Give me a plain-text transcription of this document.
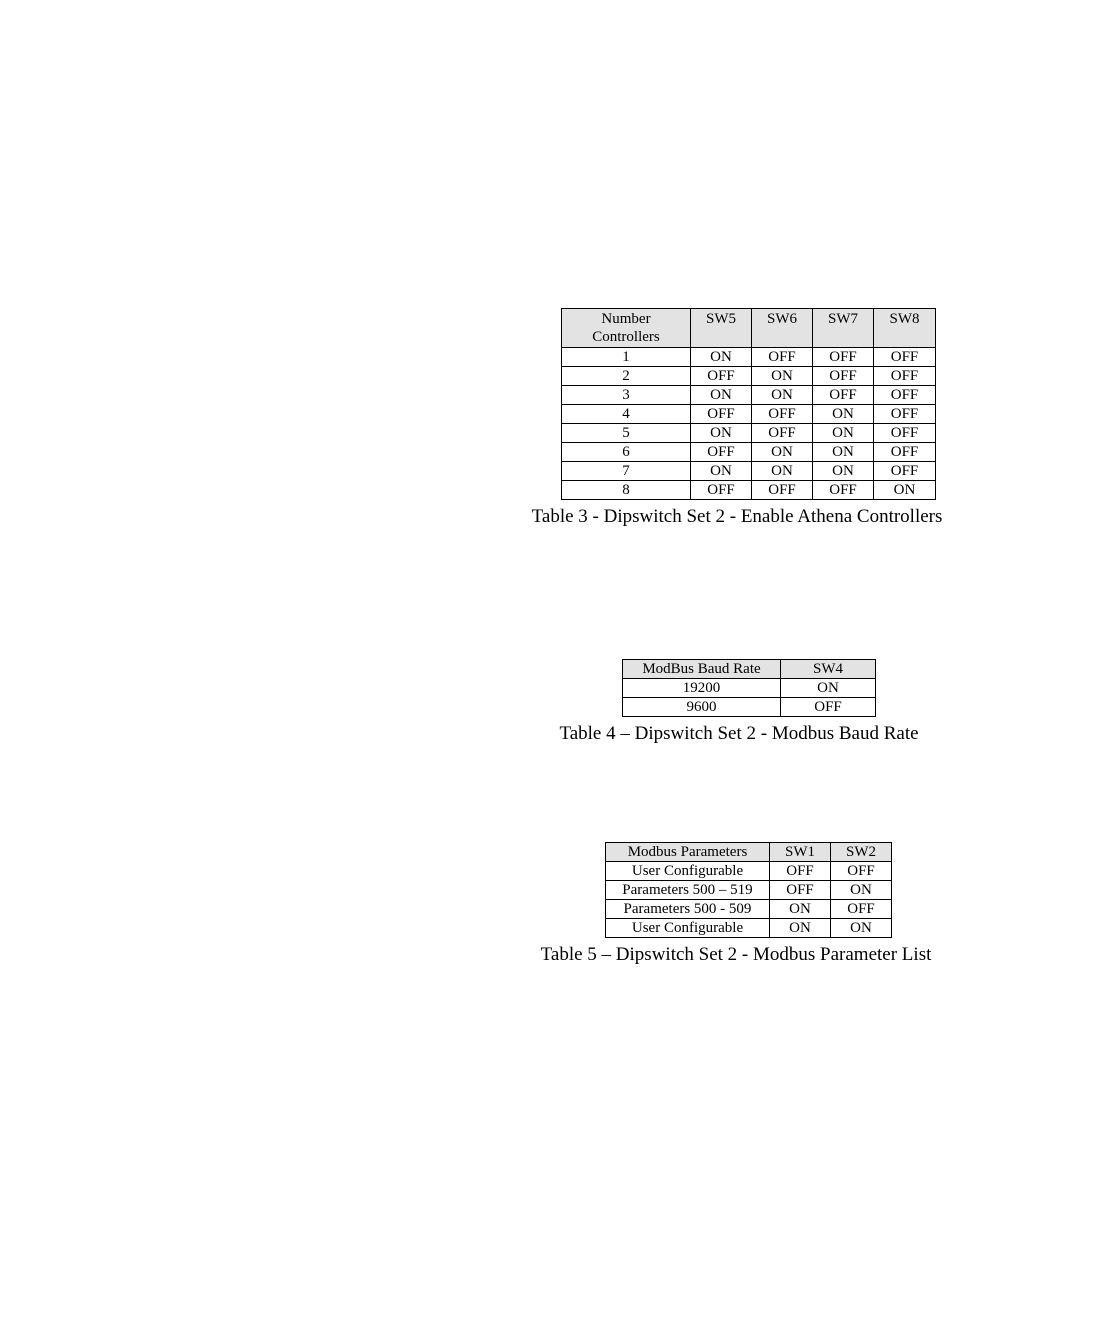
Number
Controllers	SW5	SW6	SW7	SW8
1	ON	OFF	OFF	OFF
2	OFF	ON	OFF	OFF
3	ON	ON	OFF	OFF
4	OFF	OFF	ON	OFF
5	ON	OFF	ON	OFF
6	OFF	ON	ON	OFF
7	ON	ON	ON	OFF
8	OFF	OFF	OFF	ON
Table 3 - Dipswitch Set 2 - Enable Athena Controllers
ModBus Baud Rate	SW4
19200	ON
9600	OFF
Table 4 – Dipswitch Set 2 - Modbus Baud Rate
Modbus Parameters	SW1	SW2
User Configurable	OFF	OFF
Parameters 500 – 519	OFF	ON
Parameters 500 - 509	ON	OFF
User Configurable	ON	ON
Table 5 – Dipswitch Set 2 - Modbus Parameter List
